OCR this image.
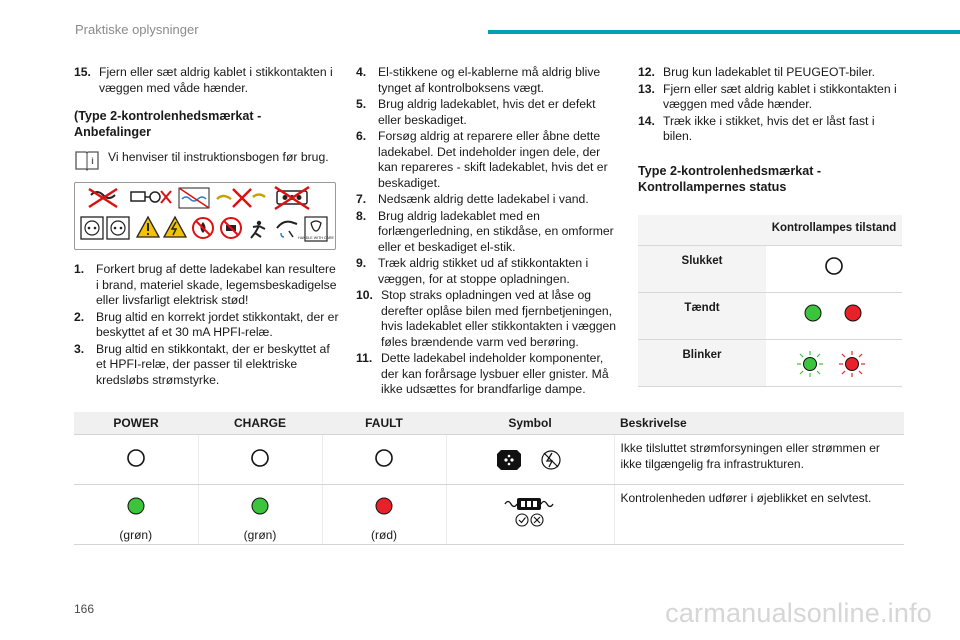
Praktiske oplysninger
15. Fjern eller sæt aldrig kablet i stikkontakten i væggen med våde hænder.
(Type 2-kontrolenhedsmærkat - Anbefalinger
i Vi henviser til instruktionsbogen før brug.
HANDLE WITH CARE
1. Forkert brug af dette ladekabel kan resultere i brand, materiel skade, legemsbeskadigelse eller livsfarligt elektrisk stød!
2. Brug altid en korrekt jordet stikkontakt, der er beskyttet af et 30 mA HPFI-relæ.
3. Brug altid en stikkontakt, der er beskyttet af et HPFI-relæ, der passer til elektriske kredsløbs strømstyrke.
4. El-stikkene og el-kablerne må aldrig blive tynget af kontrolboksens vægt.
5. Brug aldrig ladekablet, hvis det er defekt eller beskadiget.
6. Forsøg aldrig at reparere eller åbne dette ladekabel. Det indeholder ingen dele, der kan repareres - skift ladekablet, hvis det er beskadiget.
7. Nedsænk aldrig dette ladekabel i vand.
8. Brug aldrig ladekablet med en forlængerledning, en stikdåse, en omformer eller et beskadiget el-stik.
9. Træk aldrig stikket ud af stikkontakten i væggen, for at stoppe opladningen.
10. Stop straks opladningen ved at låse og derefter oplåse bilen med fjernbetjeningen, hvis ladekablet eller stikkontakten i væggen føles brændende varm ved berøring.
11. Dette ladekabel indeholder komponenter, der kan forårsage lysbuer eller gnister. Må ikke udsættes for brandfarlige dampe.
12. Brug kun ladekablet til PEUGEOT-biler.
13. Fjern eller sæt aldrig kablet i stikkontakten i væggen med våde hænder.
14. Træk ikke i stikket, hvis det er låst fast i bilen.
Type 2-kontrolenhedsmærkat - Kontrollampernes status
	Kontrollampes tilstand
Slukket	
Tændt	
Blinker	
POWER	CHARGE	FAULT	Symbol	Beskrivelse
				Ikke tilsluttet strømforsyningen eller strømmen er ikke tilgængelig fra infrastrukturen.

(grøn)	(grøn)	(rød)		Kontrolenheden udfører i øjeblikket en selvtest.
166	carmanualsonline.info
